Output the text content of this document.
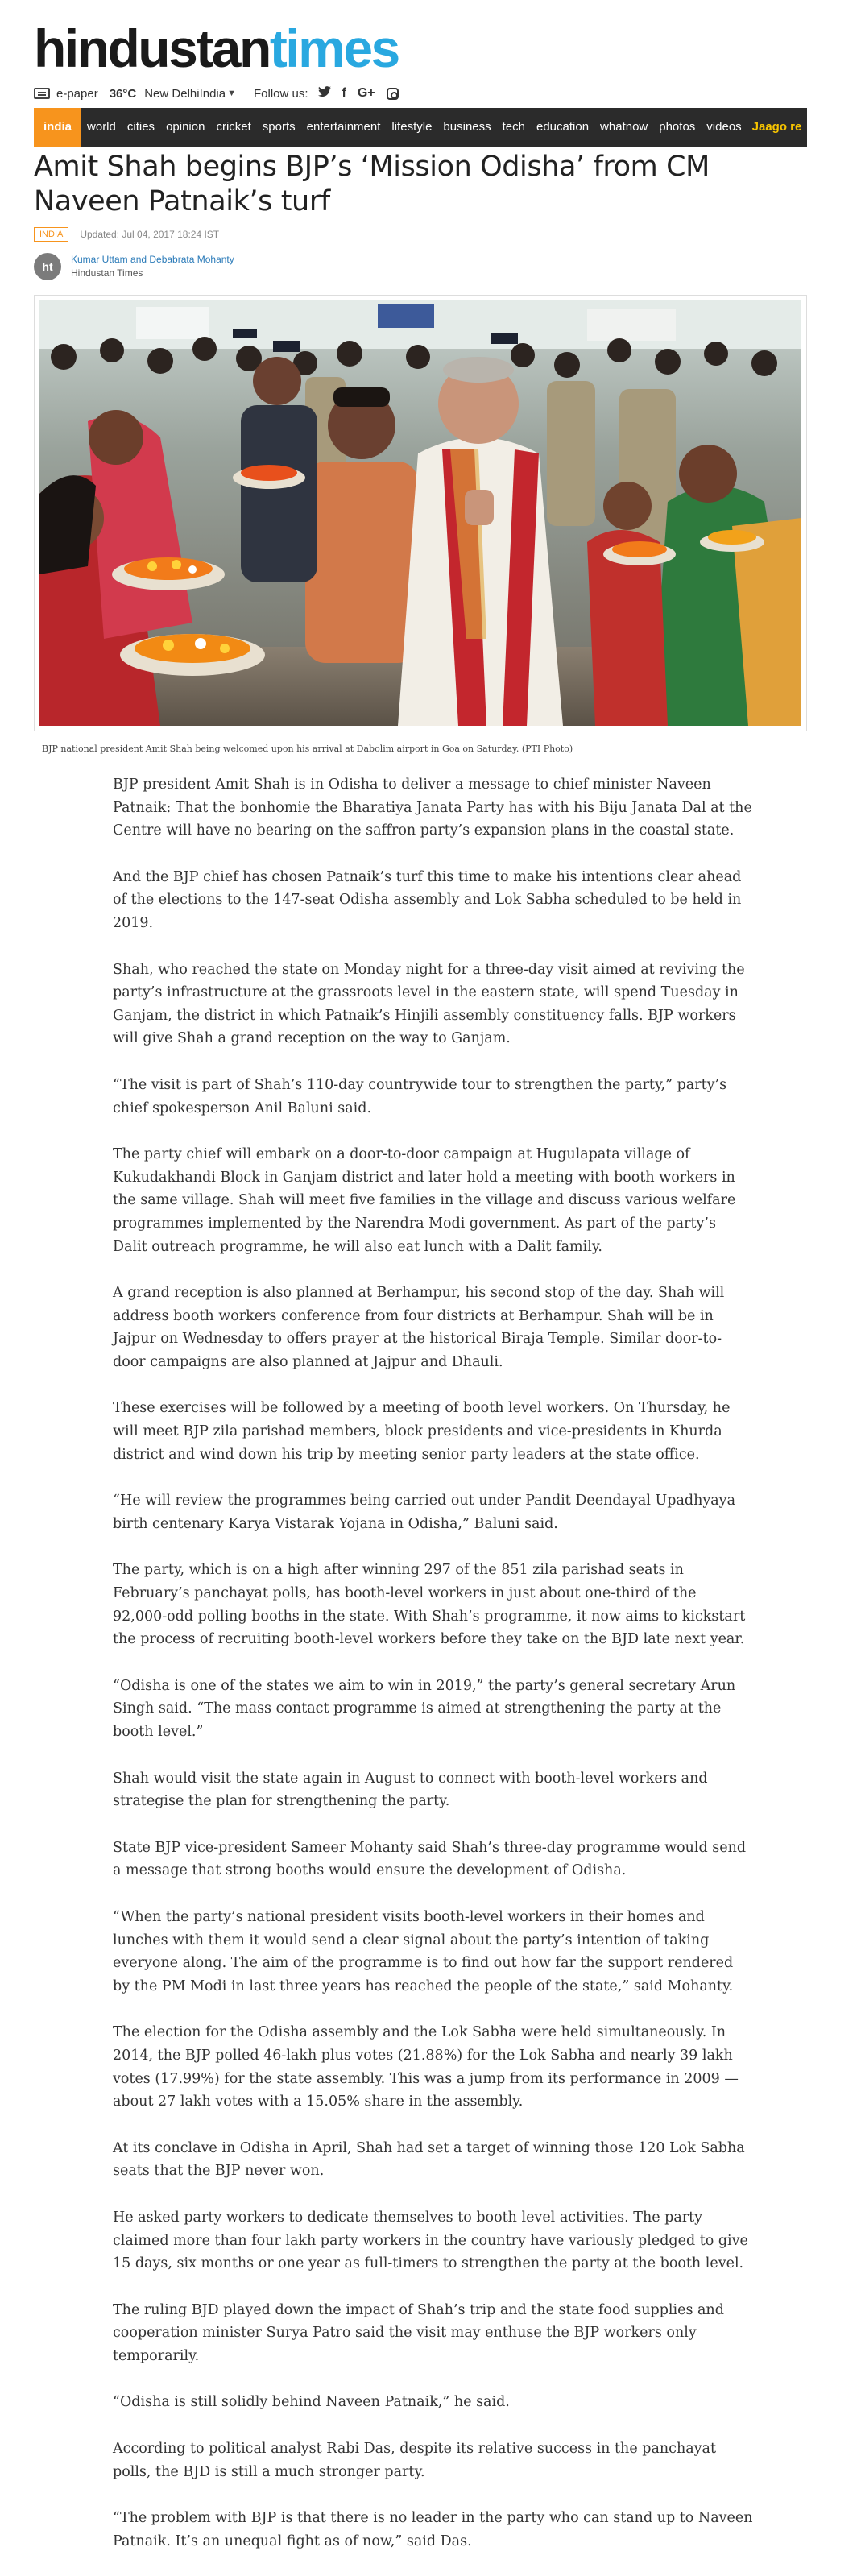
hindustantimes
e-paper 36°C New DelhiIndia ▼ Follow us:	f G+
india	world cities opinion cricket sports entertainment lifestyle business tech education whatnow photos videos Jaago re •••
Amit Shah begins BJP’s ‘Mission Odisha’ from CM Naveen Patnaik’s turf
INDIA	Updated: Jul 04, 2017 18:24 IST
ht
Kumar Uttam and Debabrata Mohanty
Hindustan Times
BJP national president Amit Shah being welcomed upon his arrival at Dabolim airport in Goa on Saturday. (PTI Photo)

BJP president Amit Shah is in Odisha to deliver a message to chief minister Naveen Patnaik: That the bonhomie the Bharatiya Janata Party has with his Biju Janata Dal at the Centre will have no bearing on the saffron party’s expansion plans in the coastal state.

And the BJP chief has chosen Patnaik’s turf this time to make his intentions clear ahead of the elections to the 147-seat Odisha assembly and Lok Sabha scheduled to be held in 2019.

Shah, who reached the state on Monday night for a three-day visit aimed at reviving the party’s infrastructure at the grassroots level in the eastern state, will spend Tuesday in Ganjam, the district in which Patnaik’s Hinjili assembly constituency falls. BJP workers will give Shah a grand reception on the way to Ganjam.

“The visit is part of Shah’s 110-day countrywide tour to strengthen the party,” party’s chief spokesperson Anil Baluni said.

The party chief will embark on a door-to-door campaign at Hugulapata village of Kukudakhandi Block in Ganjam district and later hold a meeting with booth workers in the same village. Shah will meet five families in the village and discuss various welfare programmes implemented by the Narendra Modi government. As part of the party’s Dalit outreach programme, he will also eat lunch with a Dalit family.

A grand reception is also planned at Berhampur, his second stop of the day. Shah will address booth workers conference from four districts at Berhampur. Shah will be in Jajpur on Wednesday to offers prayer at the historical Biraja Temple. Similar door-to-door campaigns are also planned at Jajpur and Dhauli.

These exercises will be followed by a meeting of booth level workers. On Thursday, he will meet BJP zila parishad members, block presidents and vice-presidents in Khurda district and wind down his trip by meeting senior party leaders at the state office.

“He will review the programmes being carried out under Pandit Deendayal Upadhyaya birth centenary Karya Vistarak Yojana in Odisha,” Baluni said.

The party, which is on a high after winning 297 of the 851 zila parishad seats in February’s panchayat polls, has booth-level workers in just about one-third of the 92,000-odd polling booths in the state. With Shah’s programme, it now aims to kickstart the process of recruiting booth-level workers before they take on the BJD late next year.

“Odisha is one of the states we aim to win in 2019,” the party’s general secretary Arun Singh said. “The mass contact programme is aimed at strengthening the party at the booth level.”

Shah would visit the state again in August to connect with booth-level workers and strategise the plan for strengthening the party.

State BJP vice-president Sameer Mohanty said Shah’s three-day programme would send a message that strong booths would ensure the development of Odisha.

“When the party’s national president visits booth-level workers in their homes and lunches with them it would send a clear signal about the party’s intention of taking everyone along. The aim of the programme is to find out how far the support rendered by the PM Modi in last three years has reached the people of the state,” said Mohanty.

The election for the Odisha assembly and the Lok Sabha were held simultaneously. In 2014, the BJP polled 46-lakh plus votes (21.88%) for the Lok Sabha and nearly 39 lakh votes (17.99%) for the state assembly. This was a jump from its performance in 2009 — about 27 lakh votes with a 15.05% share in the assembly.

At its conclave in Odisha in April, Shah had set a target of winning those 120 Lok Sabha seats that the BJP never won.

He asked party workers to dedicate themselves to booth level activities. The party claimed more than four lakh party workers in the country have variously pledged to give 15 days, six months or one year as full-timers to strengthen the party at the booth level.

The ruling BJD played down the impact of Shah’s trip and the state food supplies and cooperation minister Surya Patro said the visit may enthuse the BJP workers only temporarily.

“Odisha is still solidly behind Naveen Patnaik,” he said.

According to political analyst Rabi Das, despite its relative success in the panchayat polls, the BJD is still a much stronger party.

“The problem with BJP is that there is no leader in the party who can stand up to Naveen Patnaik. It’s an unequal fight as of now,” said Das.
